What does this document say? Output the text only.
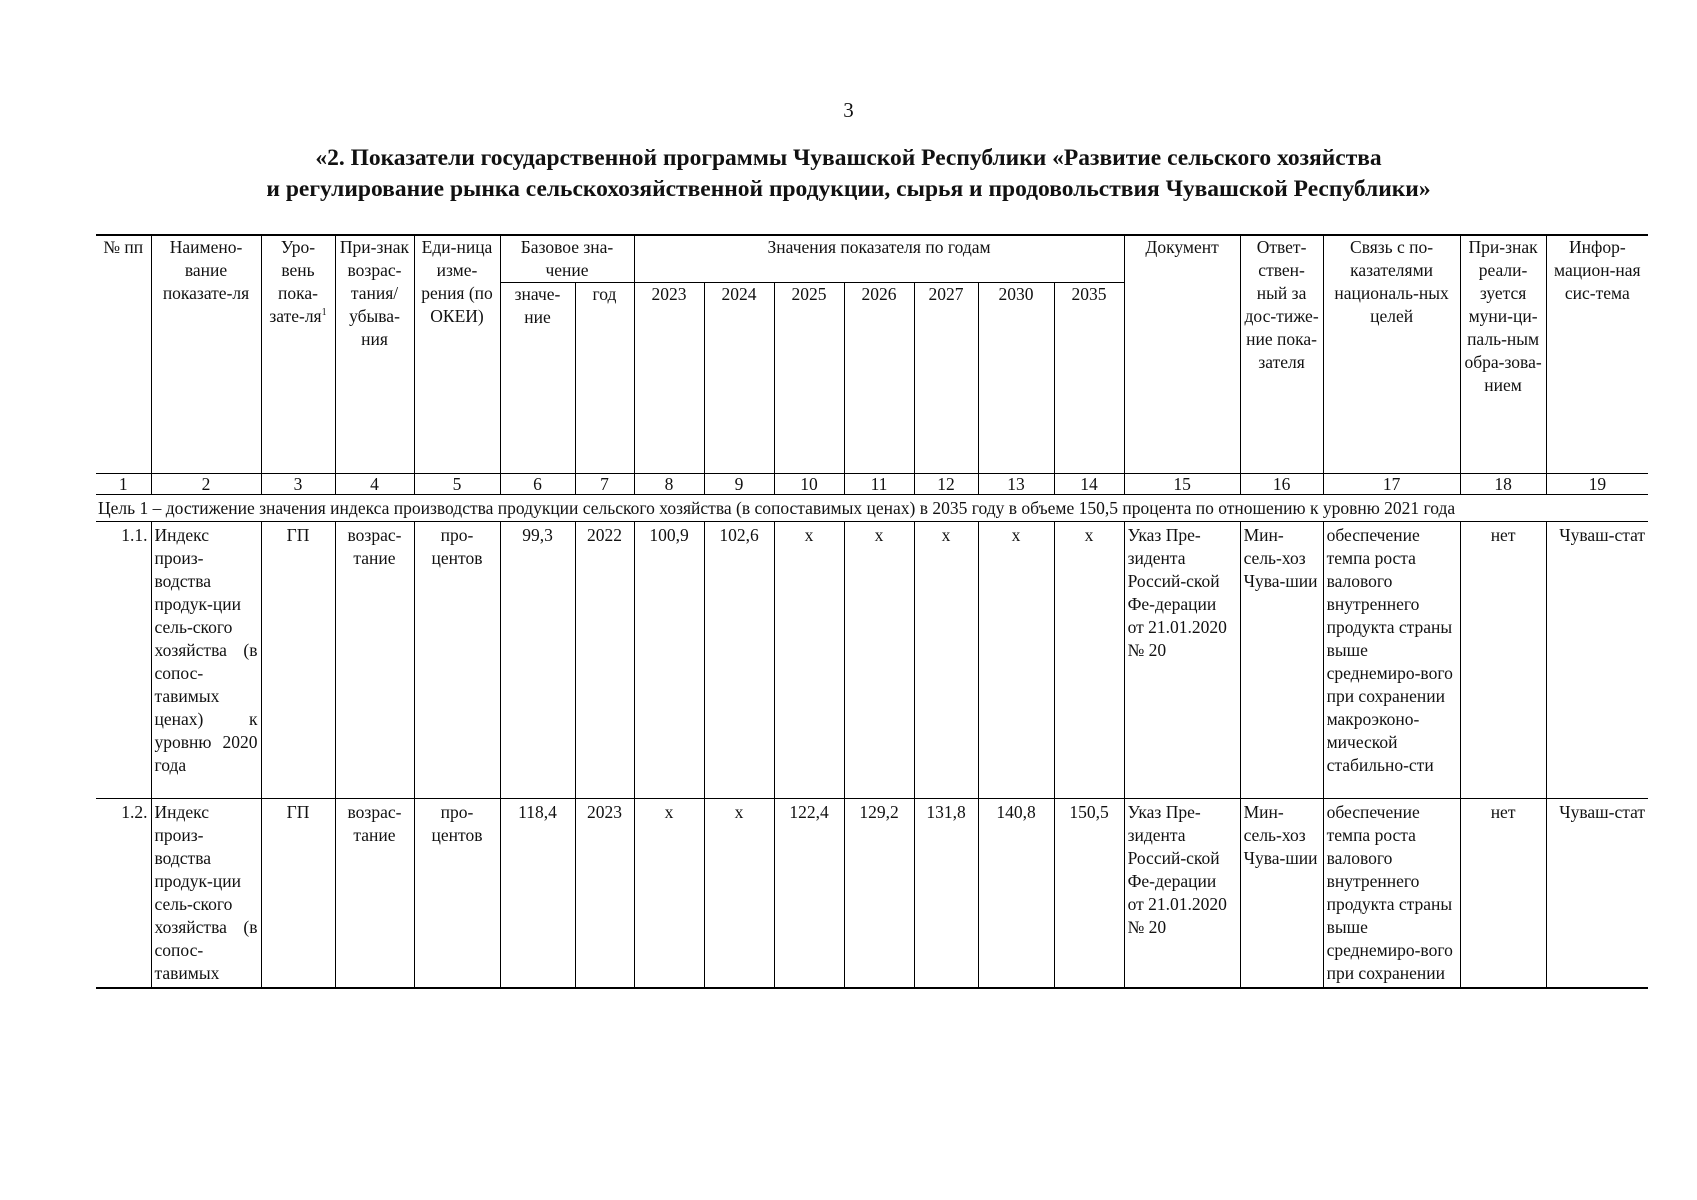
3
«2. Показатели государственной программы Чувашской Республики «Развитие сельского хозяйства
и регулирование рынка сельскохозяйственной продукции, сырья и продовольствия Чувашской Республики»
№ пп	Наимено-вание показате-ля	Уро-вень пока-$зате-ля^1$	При-знак возрас-тания/ убыва-ния	Еди-ница изме-рения (по ОКЕИ)	Базовое зна-чение		Значения показателя по годам							Документ	Ответ-ствен-ный за дос-тиже-ние пока-зателя	Связь с по-казателями националь-ных целей	При-знак реали-зуется муни-ци-паль-ным обра-зова-нием	Инфор-мацион-ная сис-тема
					значе-ние	год	2023	2024	2025	2026	2027	2030	2035					
1	2	3	4	5	6	7	8	9	10	11	12	13	14	15	16	17	18	19
Цель 1 – достижение значения индекса производства продукции сельского хозяйства (в сопоставимых ценах) в 2035 году в объеме 150,5 процента по отношению к уровню 2021 года																		
1.1.	Индекс произ-водства продук-ции сель-ского хозяйства (в сопос-тавимых ценах) к уровню 2020 года	ГП	возрас-тание	про-центов	99,3	2022	100,9	102,6	х	х	х	х	х	Указ Пре-зидента Россий-ской Фе-дерации от 21.01.2020 № 20	Мин-сель-хоз Чува-шии	обеспечение темпа роста валового внутреннего продукта страны выше среднемиро-вого при сохранении макроэконо-мической стабильно-сти	нет	Чуваш-стат
1.2.	Индекс произ-водства продук-ции сель-ского хозяйства (в сопос-тавимых	ГП	возрас-тание	про-центов	118,4	2023	х	х	122,4	129,2	131,8	140,8	150,5	Указ Пре-зидента Россий-ской Фе-дерации от 21.01.2020 № 20	Мин-сель-хоз Чува-шии	обеспечение темпа роста валового внутреннего продукта страны выше среднемиро-вого при сохранении	нет	Чуваш-стат
